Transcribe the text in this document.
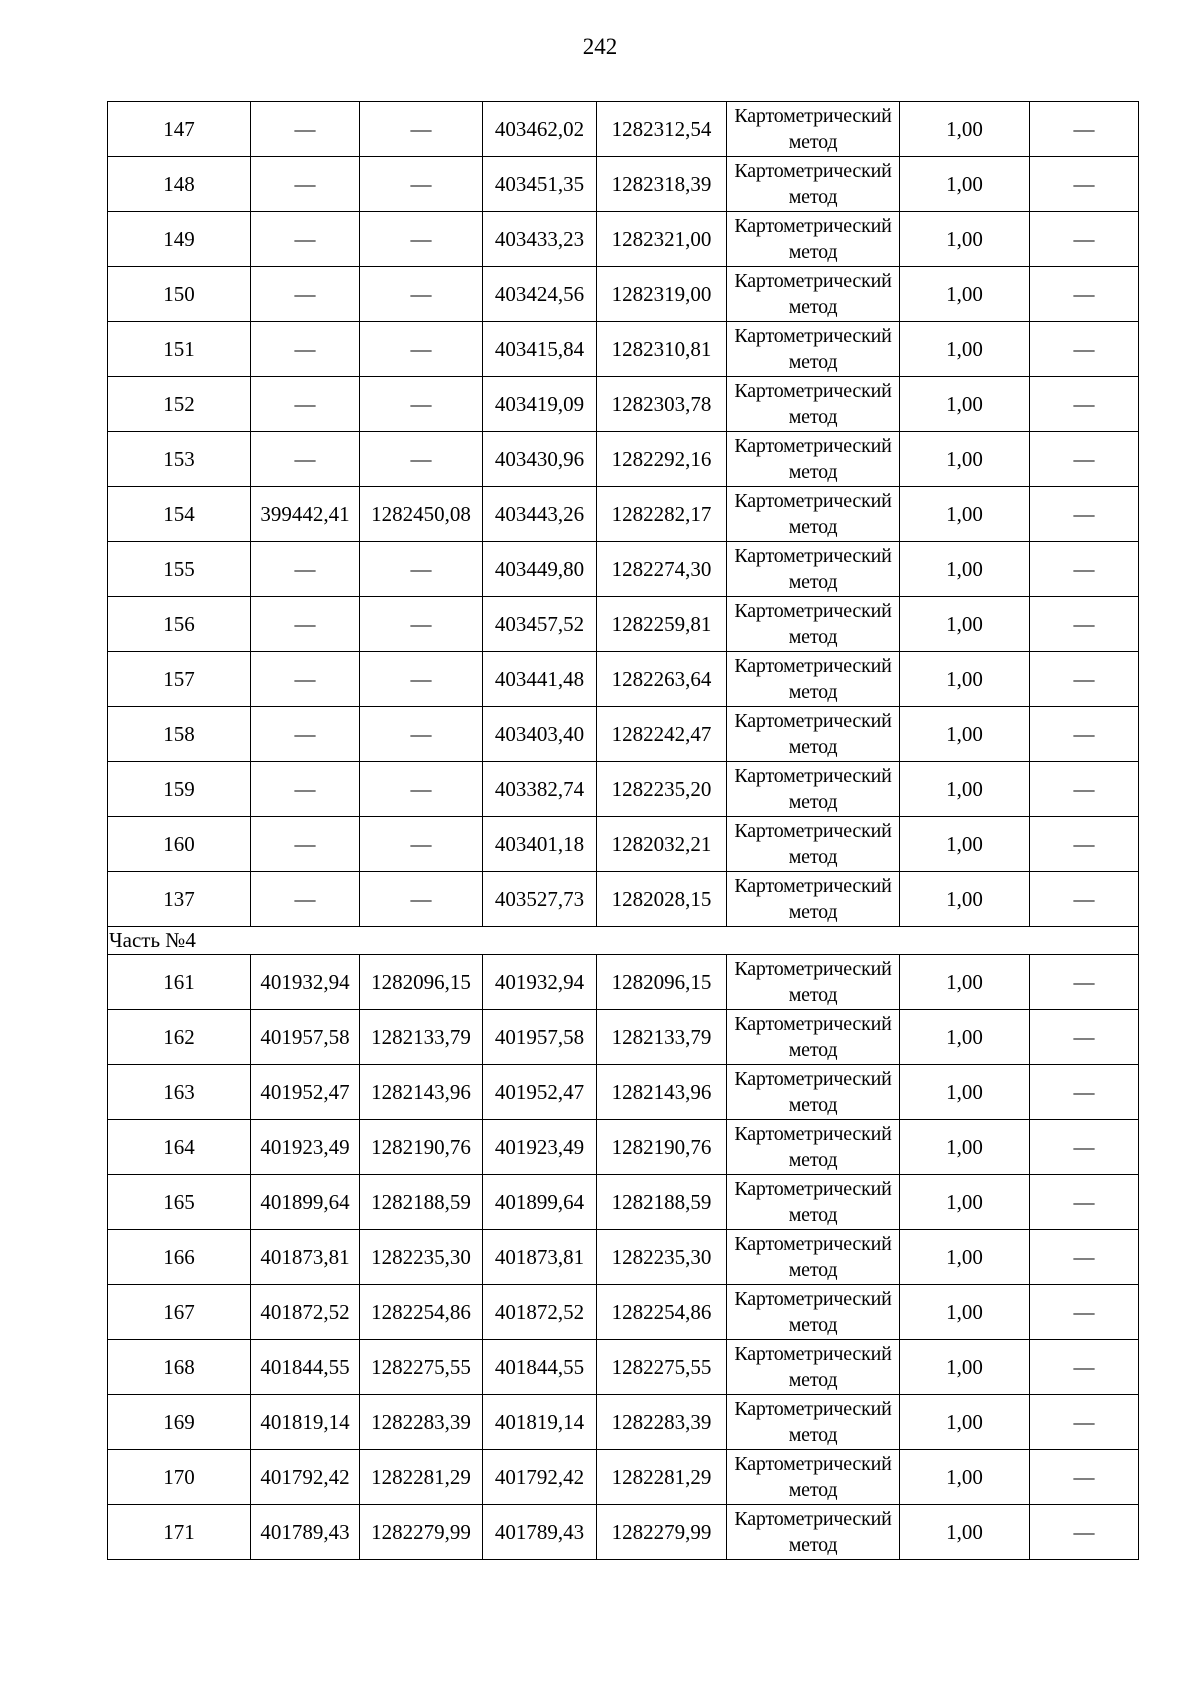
242
147	—	—	403462,02	1282312,54	Картометрический метод	1,00	—
148	—	—	403451,35	1282318,39	Картометрический метод	1,00	—
149	—	—	403433,23	1282321,00	Картометрический метод	1,00	—
150	—	—	403424,56	1282319,00	Картометрический метод	1,00	—
151	—	—	403415,84	1282310,81	Картометрический метод	1,00	—
152	—	—	403419,09	1282303,78	Картометрический метод	1,00	—
153	—	—	403430,96	1282292,16	Картометрический метод	1,00	—
154	399442,41	1282450,08	403443,26	1282282,17	Картометрический метод	1,00	—
155	—	—	403449,80	1282274,30	Картометрический метод	1,00	—
156	—	—	403457,52	1282259,81	Картометрический метод	1,00	—
157	—	—	403441,48	1282263,64	Картометрический метод	1,00	—
158	—	—	403403,40	1282242,47	Картометрический метод	1,00	—
159	—	—	403382,74	1282235,20	Картометрический метод	1,00	—
160	—	—	403401,18	1282032,21	Картометрический метод	1,00	—
137	—	—	403527,73	1282028,15	Картометрический метод	1,00	—
Часть №4							
161	401932,94	1282096,15	401932,94	1282096,15	Картометрический метод	1,00	—
162	401957,58	1282133,79	401957,58	1282133,79	Картометрический метод	1,00	—
163	401952,47	1282143,96	401952,47	1282143,96	Картометрический метод	1,00	—
164	401923,49	1282190,76	401923,49	1282190,76	Картометрический метод	1,00	—
165	401899,64	1282188,59	401899,64	1282188,59	Картометрический метод	1,00	—
166	401873,81	1282235,30	401873,81	1282235,30	Картометрический метод	1,00	—
167	401872,52	1282254,86	401872,52	1282254,86	Картометрический метод	1,00	—
168	401844,55	1282275,55	401844,55	1282275,55	Картометрический метод	1,00	—
169	401819,14	1282283,39	401819,14	1282283,39	Картометрический метод	1,00	—
170	401792,42	1282281,29	401792,42	1282281,29	Картометрический метод	1,00	—
171	401789,43	1282279,99	401789,43	1282279,99	Картометрический метод	1,00	—
